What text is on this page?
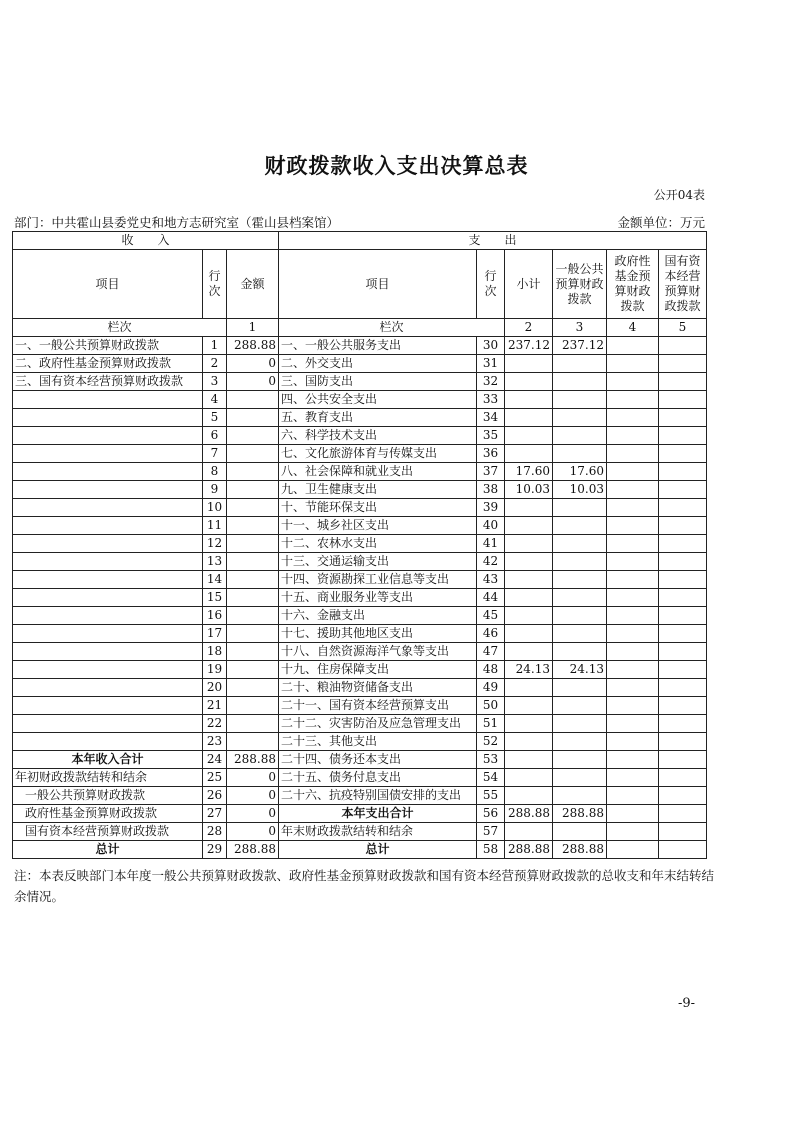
财政拨款收入支出决算总表
公开04表
部门：中共霍山县委党史和地方志研究室（霍山县档案馆）	金额单位：万元
收　　入			支　　出					
项目	行次	金额	项目	行次	小计	一般公共预算财政拨款	政府性基金预算财政拨款	国有资本经营预算财政拨款
栏次		1	栏次		2	3	4	5
一、一般公共预算财政拨款	1	288.88	一、一般公共服务支出	30	237.12	237.12		
二、政府性基金预算财政拨款	2	0	二、外交支出	31				
三、国有资本经营预算财政拨款	3	0	三、国防支出	32				
	4		四、公共安全支出	33				
	5		五、教育支出	34				
	6		六、科学技术支出	35				
	7		七、文化旅游体育与传媒支出	36				
	8		八、社会保障和就业支出	37	17.60	17.60		
	9		九、卫生健康支出	38	10.03	10.03		
	10		十、节能环保支出	39				
	11		十一、城乡社区支出	40				
	12		十二、农林水支出	41				
	13		十三、交通运输支出	42				
	14		十四、资源勘探工业信息等支出	43				
	15		十五、商业服务业等支出	44				
	16		十六、金融支出	45				
	17		十七、援助其他地区支出	46				
	18		十八、自然资源海洋气象等支出	47				
	19		十九、住房保障支出	48	24.13	24.13		
	20		二十、粮油物资储备支出	49				
	21		二十一、国有资本经营预算支出	50				
	22		二十二、灾害防治及应急管理支出	51				
	23		二十三、其他支出	52				
本年收入合计	24	288.88	二十四、债务还本支出	53				
年初财政拨款结转和结余	25	0	二十五、债务付息支出	54				
一般公共预算财政拨款	26	0	二十六、抗疫特别国债安排的支出	55				
政府性基金预算财政拨款	27	0	本年支出合计	56	288.88	288.88		
国有资本经营预算财政拨款	28	0	年末财政拨款结转和结余	57				
总计	29	288.88	总计	58	288.88	288.88		
注：本表反映部门本年度一般公共预算财政拨款、政府性基金预算财政拨款和国有资本经营预算财政拨款的总收支和年末结转结余情况。
-9-
